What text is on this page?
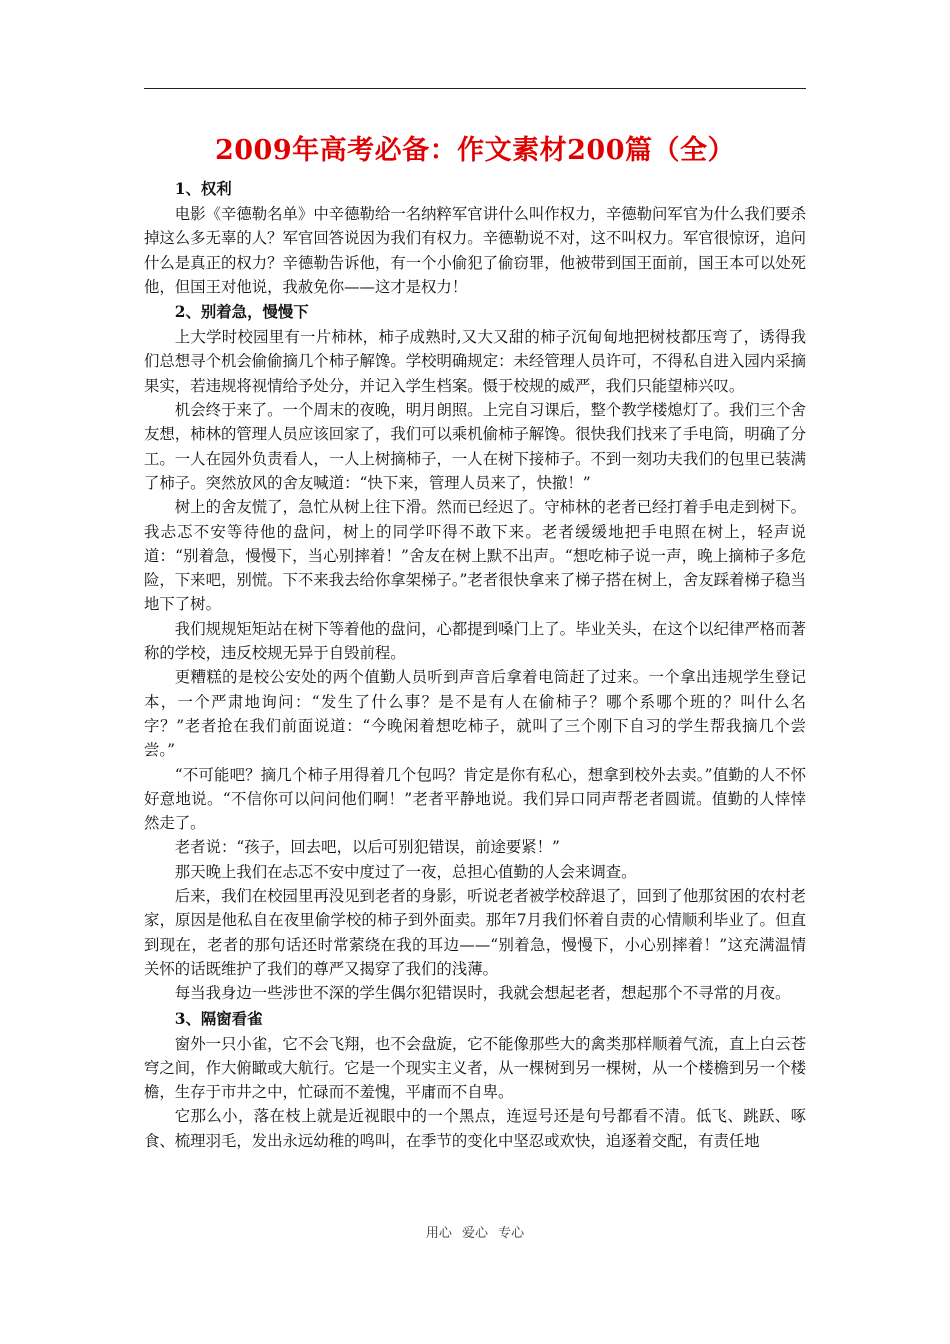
2009年高考必备：作文素材200篇（全）
1、权利

电影《辛德勒名单》中辛德勒给一名纳粹军官讲什么叫作权力，辛德勒问军官为什么我们要杀掉这么多无辜的人？军官回答说因为我们有权力。辛德勒说不对，这不叫权力。军官很惊讶，追问什么是真正的权力？辛德勒告诉他，有一个小偷犯了偷窃罪，他被带到国王面前，国王本可以处死他，但国王对他说，我赦免你——这才是权力！

2、别着急，慢慢下

上大学时校园里有一片柿林，柿子成熟时,又大又甜的柿子沉甸甸地把树枝都压弯了，诱得我们总想寻个机会偷偷摘几个柿子解馋。学校明确规定：未经管理人员许可，不得私自进入园内采摘果实，若违规将视情给予处分，并记入学生档案。慑于校规的威严，我们只能望柿兴叹。

机会终于来了。一个周末的夜晚，明月朗照。上完自习课后，整个教学楼熄灯了。我们三个舍友想，柿林的管理人员应该回家了，我们可以乘机偷柿子解馋。很快我们找来了手电筒，明确了分工。一人在园外负责看人，一人上树摘柿子，一人在树下接柿子。不到一刻功夫我们的包里已装满了柿子。突然放风的舍友喊道：“快下来，管理人员来了，快撤！”

树上的舍友慌了，急忙从树上往下滑。然而已经迟了。守柿林的老者已经打着手电走到树下。我忐忑不安等待他的盘问，树上的同学吓得不敢下来。老者缓缓地把手电照在树上，轻声说道：“别着急，慢慢下，当心别摔着！”舍友在树上默不出声。“想吃柿子说一声，晚上摘柿子多危险，下来吧，别慌。下不来我去给你拿架梯子。”老者很快拿来了梯子搭在树上，舍友踩着梯子稳当地下了树。

我们规规矩矩站在树下等着他的盘问，心都提到嗓门上了。毕业关头，在这个以纪律严格而著称的学校，违反校规无异于自毁前程。

更糟糕的是校公安处的两个值勤人员听到声音后拿着电筒赶了过来。一个拿出违规学生登记本，一个严肃地询问：“发生了什么事？是不是有人在偷柿子？哪个系哪个班的？叫什么名字？”老者抢在我们前面说道：“今晚闲着想吃柿子，就叫了三个刚下自习的学生帮我摘几个尝尝。”

“不可能吧？摘几个柿子用得着几个包吗？肯定是你有私心，想拿到校外去卖。”值勤的人不怀好意地说。“不信你可以问问他们啊！”老者平静地说。我们异口同声帮老者圆谎。值勤的人悻悻然走了。

老者说：“孩子，回去吧，以后可别犯错误，前途要紧！”

那天晚上我们在忐忑不安中度过了一夜，总担心值勤的人会来调查。

后来，我们在校园里再没见到老者的身影，听说老者被学校辞退了，回到了他那贫困的农村老家，原因是他私自在夜里偷学校的柿子到外面卖。那年7月我们怀着自责的心情顺利毕业了。但直到现在，老者的那句话还时常萦绕在我的耳边——“别着急，慢慢下，小心别摔着！”这充满温情关怀的话既维护了我们的尊严又揭穿了我们的浅薄。

每当我身边一些涉世不深的学生偶尔犯错误时，我就会想起老者，想起那个不寻常的月夜。

3、隔窗看雀

窗外一只小雀，它不会飞翔，也不会盘旋，它不能像那些大的禽类那样顺着气流，直上白云苍穹之间，作大俯瞰或大航行。它是一个现实主义者，从一棵树到另一棵树，从一个楼檐到另一个楼檐，生存于市井之中，忙碌而不羞愧，平庸而不自卑。

它那么小，落在枝上就是近视眼中的一个黑点，连逗号还是句号都看不清。低飞、跳跃、啄食、梳理羽毛，发出永远幼稚的鸣叫，在季节的变化中坚忍或欢快，追逐着交配，有责任地

用心 爱心 专心
